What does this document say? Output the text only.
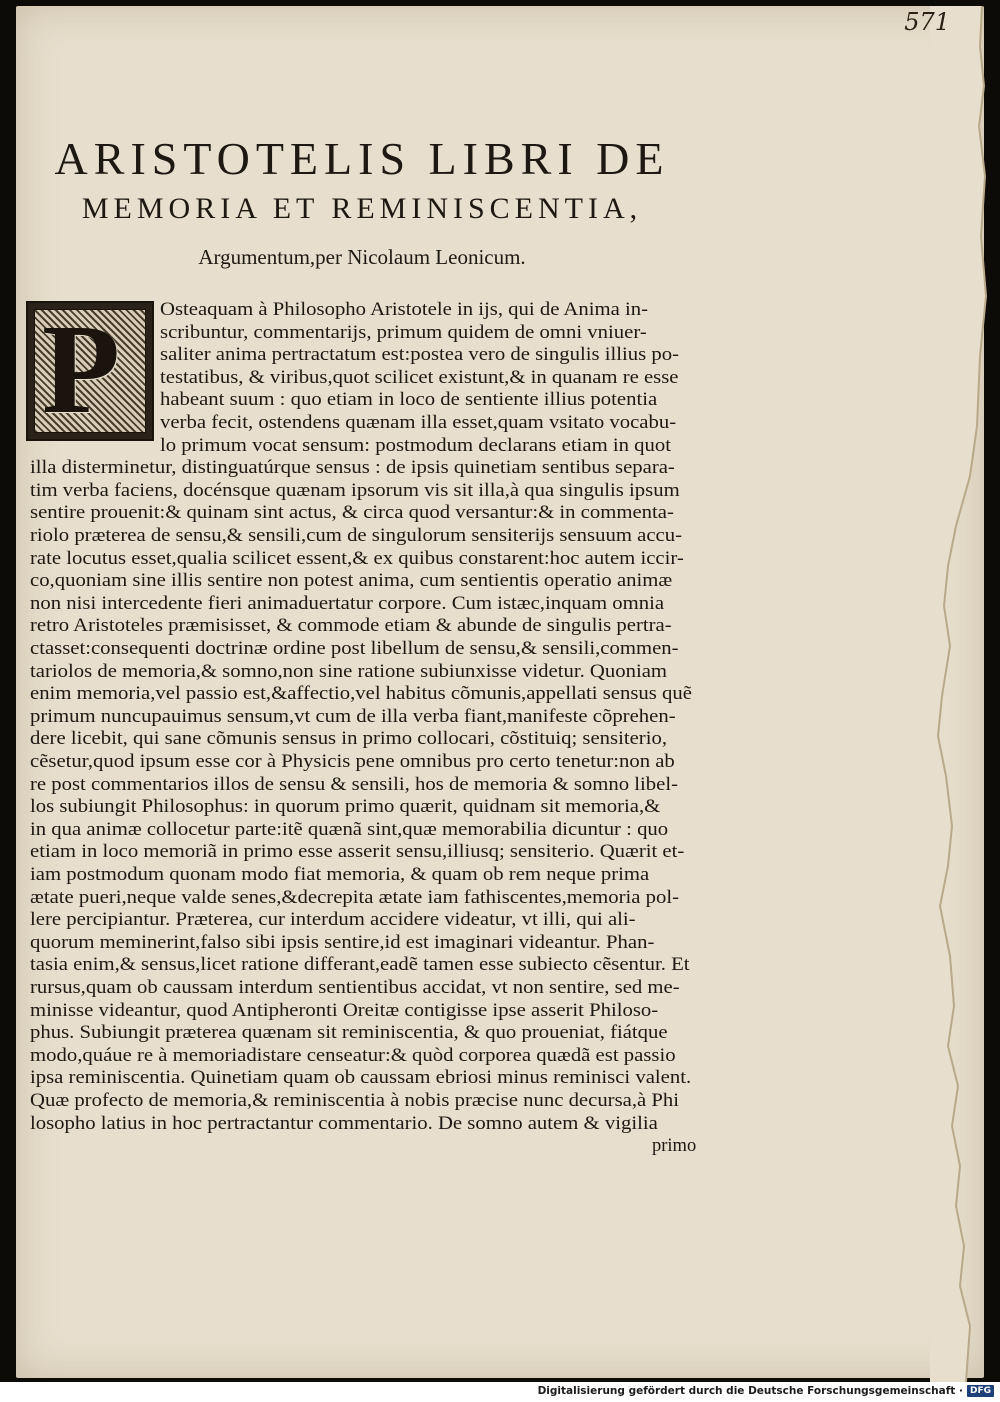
571
ARISTOTELIS LIBRI DE
MEMORIA ET REMINISCENTIA,
Argumentum,per Nicolaum Leonicum.
P Osteaquam à Philosopho Aristotele in ijs, qui de Anima in-
scribuntur, commentarijs, primum quidem de omni vniuer-
saliter anima pertractatum est:postea vero de singulis illius po-
testatibus, & viribus,quot scilicet existunt,& in quanam re esse
habeant suum : quo etiam in loco de sentiente illius potentia
verba fecit, ostendens quænam illa esset,quam vsitato vocabu-
lo primum vocat sensum: postmodum declarans etiam in quot
illa disterminetur, distinguatúrque sensus : de ipsis quinetiam sentibus separa-
tim verba faciens, docénsque quænam ipsorum vis sit illa,à qua singulis ipsum
sentire prouenit:& quinam sint actus, & circa quod versantur:& in commenta-
riolo præterea de sensu,& sensili,cum de singulorum sensiterijs sensuum accu-
rate locutus esset,qualia scilicet essent,& ex quibus constarent:hoc autem iccir-
co,quoniam sine illis sentire non potest anima, cum sentientis operatio animæ
non nisi intercedente fieri animaduertatur corpore. Cum istæc,inquam omnia
retro Aristoteles præmisisset, & commode etiam & abunde de singulis pertra-
ctasset:consequenti doctrinæ ordine post libellum de sensu,& sensili,commen-
tariolos de memoria,& somno,non sine ratione subiunxisse videtur. Quoniam
enim memoria,vel passio est,&affectio,vel habitus cõmunis,appellati sensus quẽ
primum nuncupauimus sensum,vt cum de illa verba fiant,manifeste cõprehen-
dere licebit, qui sane cõmunis sensus in primo collocari, cõstituiq; sensiterio,
cẽsetur,quod ipsum esse cor à Physicis pene omnibus pro certo tenetur:non ab
re post commentarios illos de sensu & sensili, hos de memoria & somno libel-
los subiungit Philosophus: in quorum primo quærit, quidnam sit memoria,&
in qua animæ collocetur parte:itẽ quænã sint,quæ memorabilia dicuntur : quo
etiam in loco memoriã in primo esse asserit sensu,illiusq; sensiterio. Quærit et-
iam postmodum quonam modo fiat memoria, & quam ob rem neque prima
ætate pueri,neque valde senes,&decrepita ætate iam fathiscentes,memoria pol-
lere percipiantur. Præterea, cur interdum accidere videatur, vt illi, qui ali-
quorum meminerint,falso sibi ipsis sentire,id est imaginari videantur. Phan-
tasia enim,& sensus,licet ratione differant,eadẽ tamen esse subiecto cẽsentur. Et
rursus,quam ob caussam interdum sentientibus accidat, vt non sentire, sed me-
minisse videantur, quod Antipheronti Oreitæ contigisse ipse asserit Philoso-
phus. Subiungit præterea quænam sit reminiscentia, & quo proueniat, fiátque
modo,quáue re à memoriadistare censeatur:& quòd corporea quædã est passio
ipsa reminiscentia. Quinetiam quam ob caussam ebriosi minus reminisci valent.
Quæ profecto de memoria,& reminiscentia à nobis præcise nunc decursa,à Phi
losopho latius in hoc pertractantur commentario. De somno autem & vigilia
primo
Digitalisierung gefördert durch die Deutsche Forschungsgemeinschaft · DFG
